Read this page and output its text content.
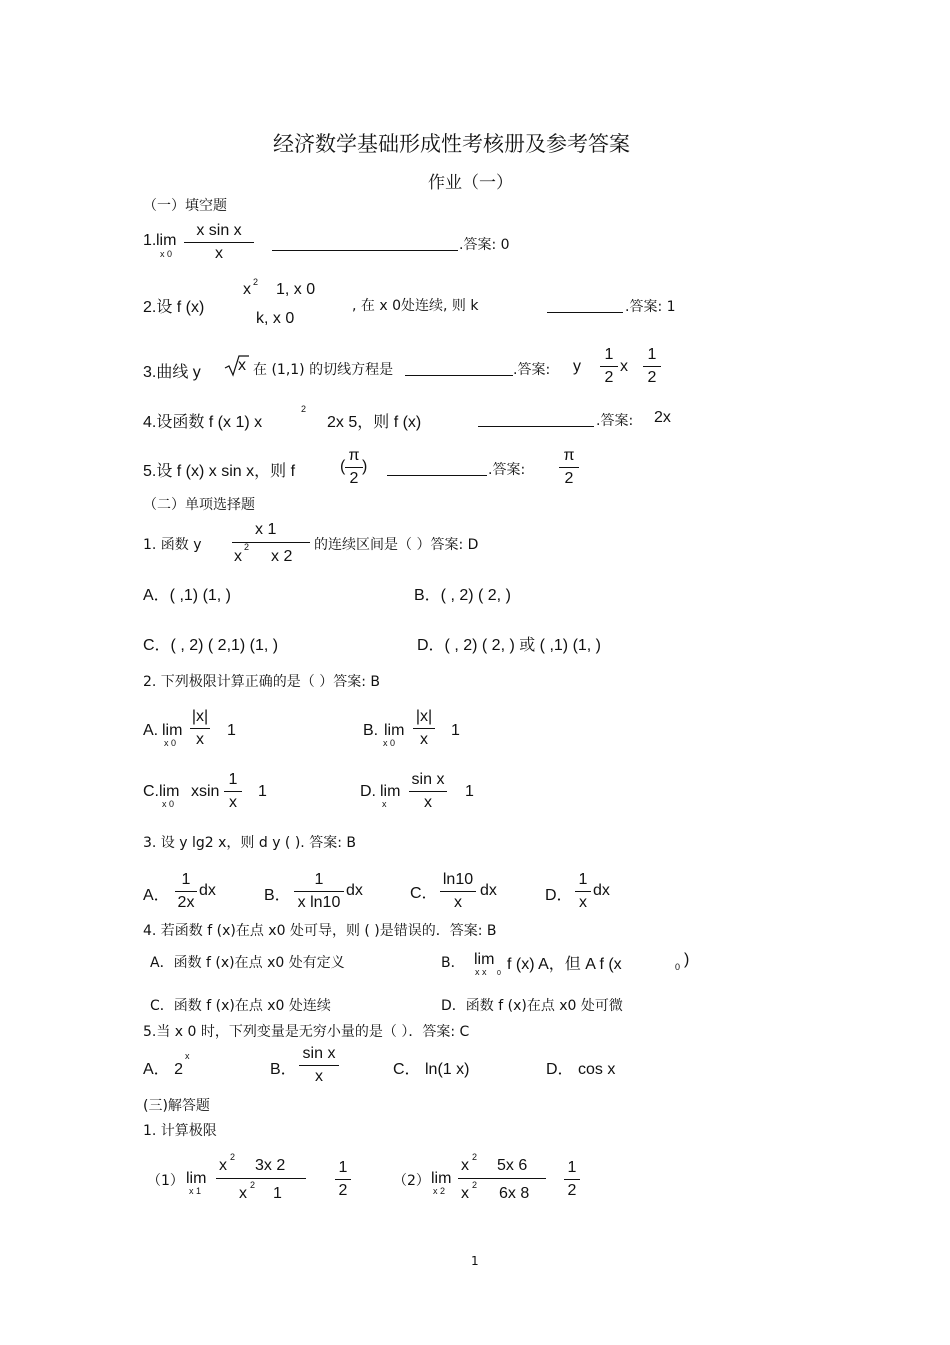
经济数学基础形成性考核册及参考答案
作业（一）
（一）填空题
1. lim
x 0
x sin x
x	.答案: 0
2.设 f (x)
x 2 1, x 0
k, x 0
, 在 x 0处连续, 则 k	.答案: 1
3.曲线 y x 在 (1,1) 的切线方程是	.答案: y
1
2
x
1
2
4.设函数 f (x 1) x
2
2x 5，则 f (x)	.答案: 2x
5.设 f (x) x sin x，则 f	(
π
2
)	.答案:
π
2
（二）单项选择题
1. 函数 y
x 1
x
2
x 2
的连续区间是（ ）答案: D
A．( ,1) (1, )	B．( , 2) ( 2, )
C．( , 2) ( 2,1) (1, )	D．( , 2) ( 2, ) 或 ( ,1) (1, )
2. 下列极限计算正确的是（ ）答案: B
A. lim
x 0
|x|
x
1	B. lim
x 0
|x|
x
1
C. lim
x 0
xsin
1
x
1	D. lim
x
sin x
x
1
3. 设 y lg2 x，则 d y ( ). 答案: B
A．
1
2x
dx	B．
1
x ln10
dx	C．
ln10
x
dx	D．
1
x
dx
4. 若函数 f (x)在点 x0 处可导，则 ( )是错误的．答案: B
A．函数 f (x)在点 x0 处有定义	B． lim
x x 0
f (x) A，但 A f (x	0 )
C．函数 f (x)在点 x0 处连续	D．函数 f (x)在点 x0 处可微
5.当 x 0 时，下列变量是无穷小量的是（ ）．答案: C
A． 2
x
B．
sin x
x	C． ln(1 x)	D． cos x
(三)解答题
1. 计算极限
（1） lim
x 1
x 2 3x 2
x 2 1
1
2
（2） lim
x 2
x 2 5x 6
x 2 6x 8
1
2
1
